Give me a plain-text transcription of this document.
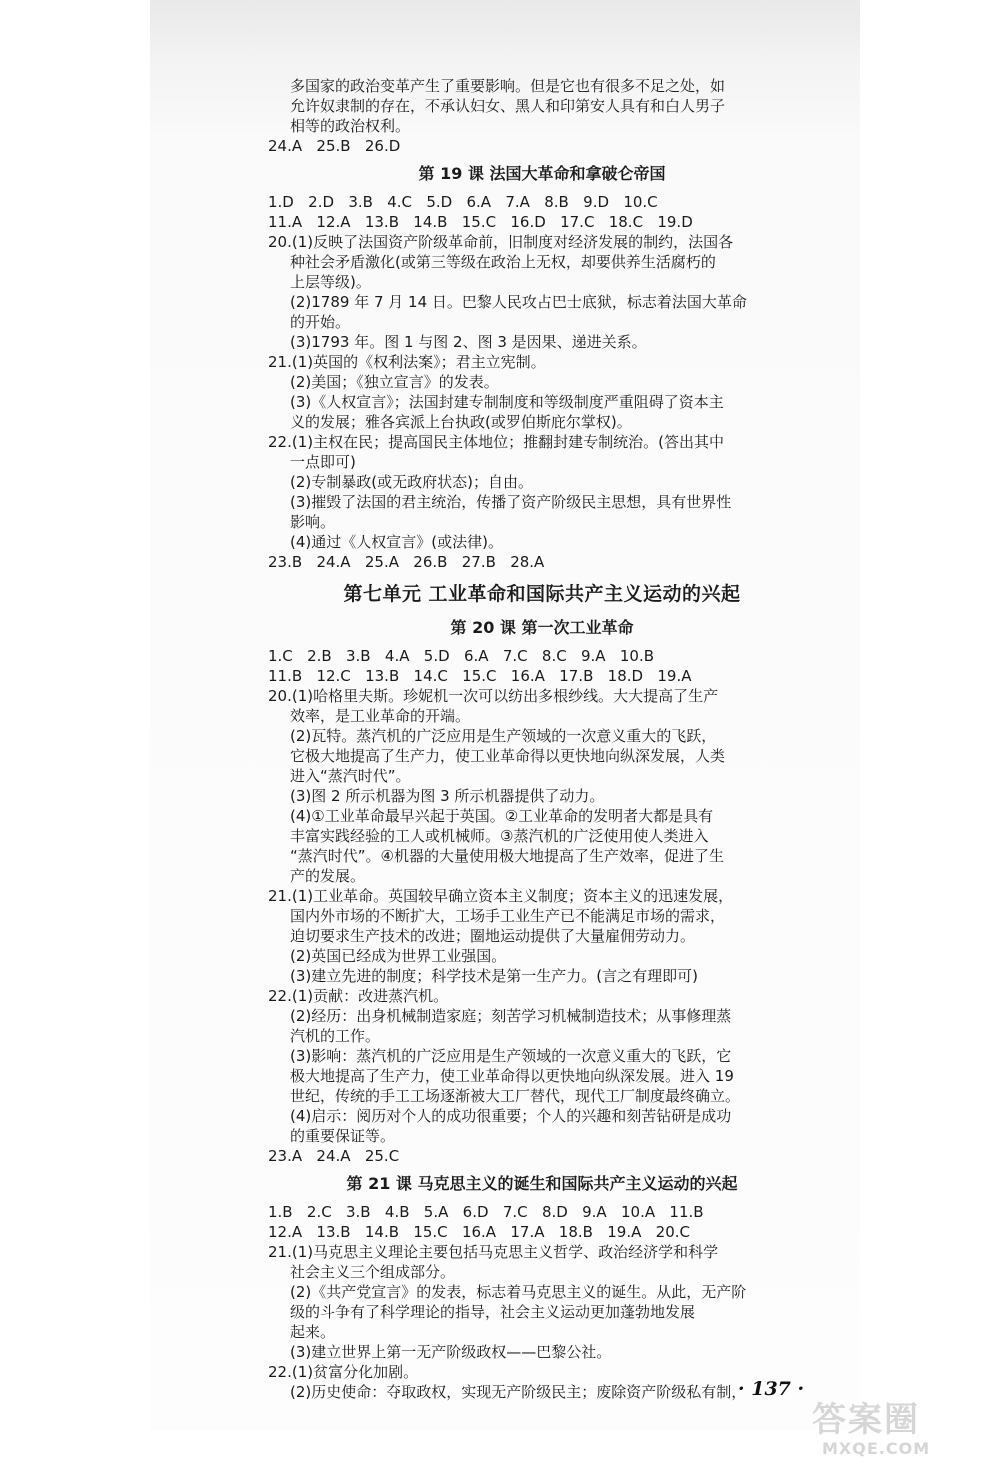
多国家的政治变革产生了重要影响。但是它也有很多不足之处，如
允许奴隶制的存在，不承认妇女、黑人和印第安人具有和白人男子
相等的政治权利。
24.A   25.B   26.D
第 19 课 法国大革命和拿破仑帝国
1.D   2.D   3.B   4.C   5.D   6.A   7.A   8.B   9.D   10.C
11.A   12.A   13.B   14.B   15.C   16.D   17.C   18.C   19.D
20.(1)反映了法国资产阶级革命前，旧制度对经济发展的制约，法国各
种社会矛盾激化(或第三等级在政治上无权，却要供养生活腐朽的
上层等级)。
(2)1789 年 7 月 14 日。巴黎人民攻占巴士底狱，标志着法国大革命
的开始。
(3)1793 年。图 1 与图 2、图 3 是因果、递进关系。
21.(1)英国的《权利法案》；君主立宪制。
(2)美国；《独立宣言》的发表。
(3)《人权宣言》；法国封建专制制度和等级制度严重阻碍了资本主
义的发展；雅各宾派上台执政(或罗伯斯庇尔掌权)。
22.(1)主权在民；提高国民主体地位；推翻封建专制统治。(答出其中
一点即可)
(2)专制暴政(或无政府状态)；自由。
(3)摧毁了法国的君主统治，传播了资产阶级民主思想，具有世界性
影响。
(4)通过《人权宣言》(或法律)。
23.B   24.A   25.A   26.B   27.B   28.A
第七单元 工业革命和国际共产主义运动的兴起
第 20 课 第一次工业革命
1.C   2.B   3.B   4.A   5.D   6.A   7.C   8.C   9.A   10.B
11.B   12.C   13.B   14.C   15.C   16.A   17.B   18.D   19.A
20.(1)哈格里夫斯。珍妮机一次可以纺出多根纱线。大大提高了生产
效率，是工业革命的开端。
(2)瓦特。蒸汽机的广泛应用是生产领域的一次意义重大的飞跃，
它极大地提高了生产力，使工业革命得以更快地向纵深发展，人类
进入“蒸汽时代”。
(3)图 2 所示机器为图 3 所示机器提供了动力。
(4)①工业革命最早兴起于英国。②工业革命的发明者大都是具有
丰富实践经验的工人或机械师。③蒸汽机的广泛使用使人类进入
“蒸汽时代”。④机器的大量使用极大地提高了生产效率，促进了生
产的发展。
21.(1)工业革命。英国较早确立资本主义制度；资本主义的迅速发展，
国内外市场的不断扩大，工场手工业生产已不能满足市场的需求，
迫切要求生产技术的改进；圈地运动提供了大量雇佣劳动力。
(2)英国已经成为世界工业强国。
(3)建立先进的制度；科学技术是第一生产力。(言之有理即可)
22.(1)贡献：改进蒸汽机。
(2)经历：出身机械制造家庭；刻苦学习机械制造技术；从事修理蒸
汽机的工作。
(3)影响：蒸汽机的广泛应用是生产领域的一次意义重大的飞跃，它
极大地提高了生产力，使工业革命得以更快地向纵深发展。进入 19
世纪，传统的手工工场逐渐被大工厂替代，现代工厂制度最终确立。
(4)启示：阅历对个人的成功很重要；个人的兴趣和刻苦钻研是成功
的重要保证等。
23.A   24.A   25.C
第 21 课 马克思主义的诞生和国际共产主义运动的兴起
1.B   2.C   3.B   4.B   5.A   6.D   7.C   8.D   9.A   10.A   11.B
12.A   13.B   14.B   15.C   16.A   17.A   18.B   19.A   20.C
21.(1)马克思主义理论主要包括马克思主义哲学、政治经济学和科学
社会主义三个组成部分。
(2)《共产党宣言》的发表，标志着马克思主义的诞生。从此，无产阶
级的斗争有了科学理论的指导，社会主义运动更加蓬勃地发展
起来。
(3)建立世界上第一无产阶级政权——巴黎公社。
22.(1)贫富分化加剧。
(2)历史使命：夺取政权，实现无产阶级民主；废除资产阶级私有制，
· 137 ·
答案圈
MXQE.COM
